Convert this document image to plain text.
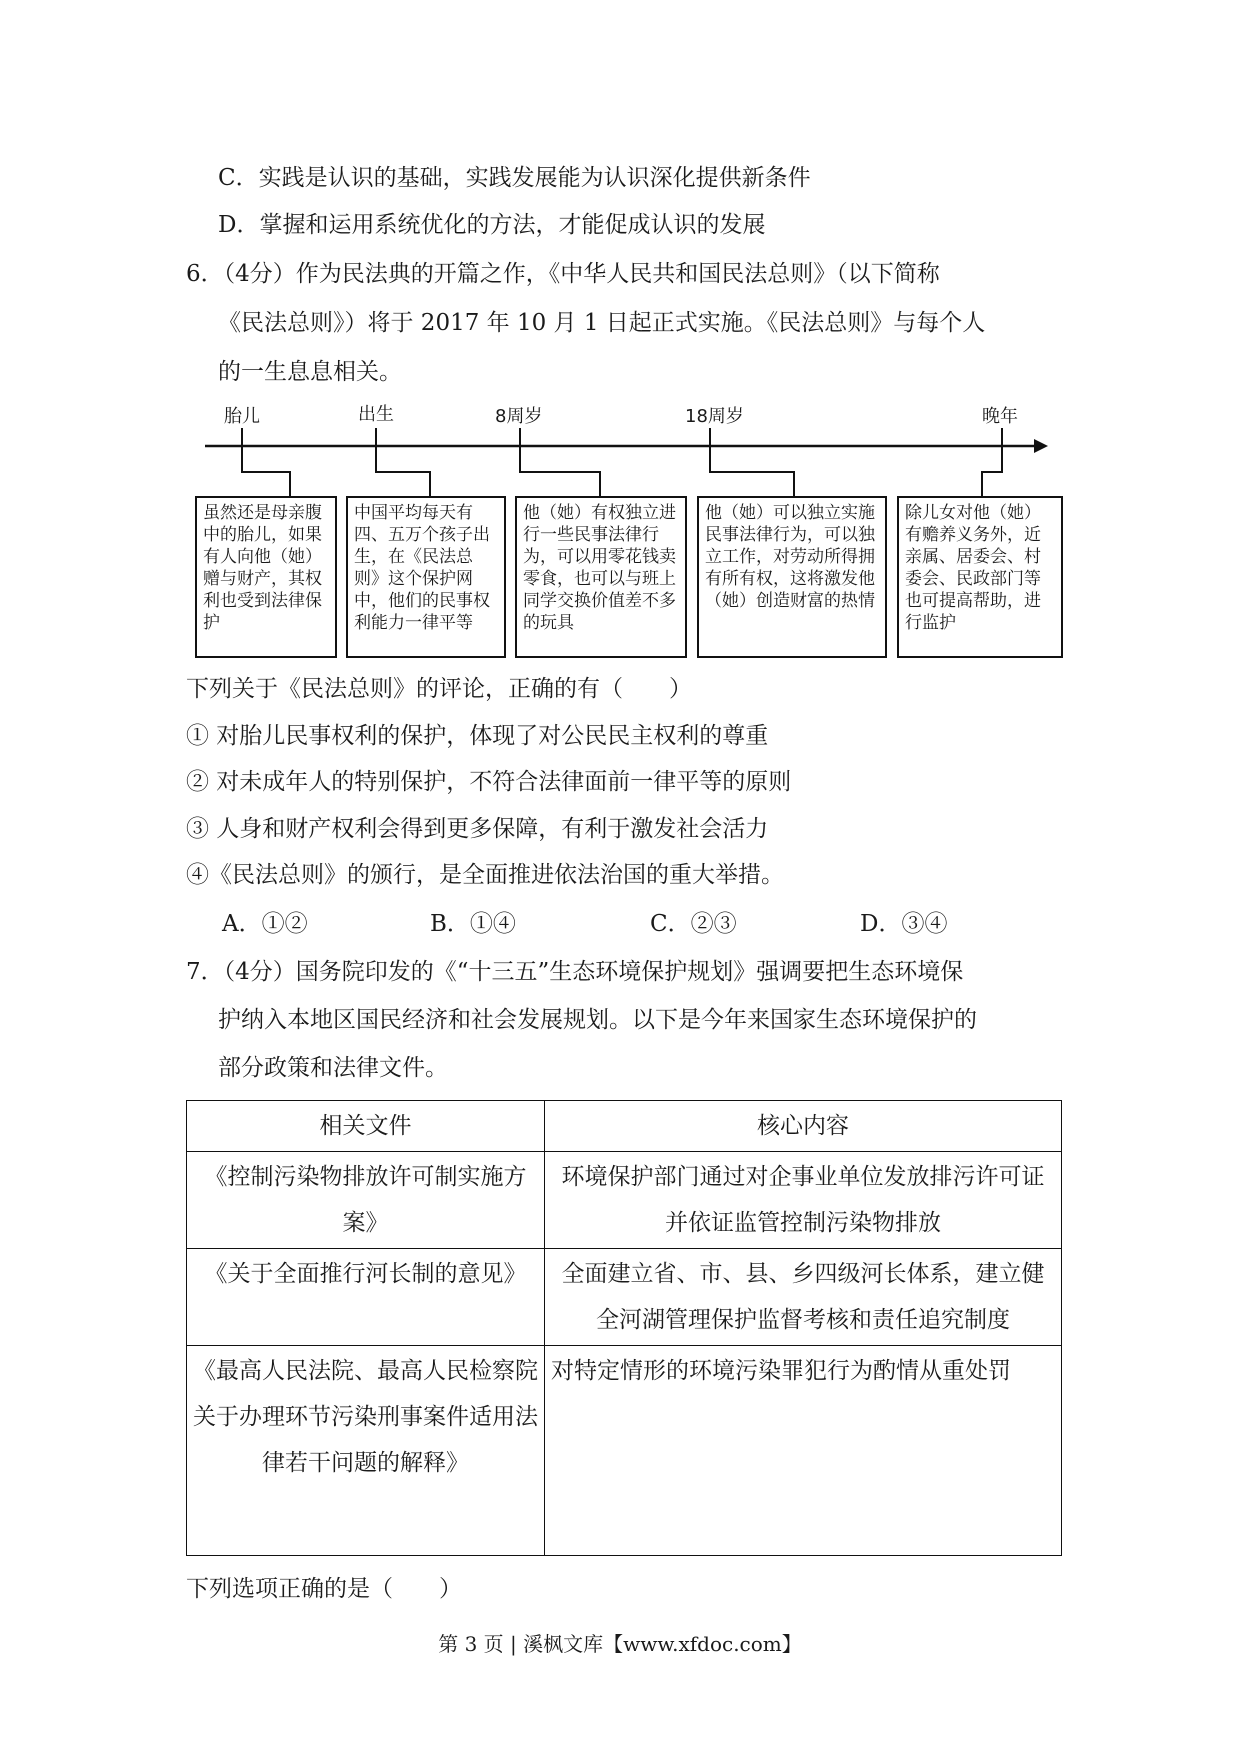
C．实践是认识的基础，实践发展能为认识深化提供新条件
D．掌握和运用系统优化的方法，才能促成认识的发展
6．（4分）作为民法典的开篇之作，《中华人民共和国民法总则》（以下简称
《民法总则》）将于 2017 年 10 月 1 日起正式实施。《民法总则》与每个人
的一生息息相关。
胎儿	出生	8周岁	18周岁	晚年
虽然还是母亲腹中的胎儿，如果有人向他（她）赠与财产，其权利也受到法律保护
中国平均每天有四、五万个孩子出生，在《民法总则》这个保护网中，他们的民事权利能力一律平等
他（她）有权独立进行一些民事法律行为，可以用零花钱卖零食，也可以与班上同学交换价值差不多的玩具
他（她）可以独立实施民事法律行为，可以独立工作，对劳动所得拥有所有权，这将激发他（她）创造财富的热情
除儿女对他（她）有赡养义务外，近亲属、居委会、村委会、民政部门等也可提高帮助，进行监护
下列关于《民法总则》的评论，正确的有（　　）
① 对胎儿民事权利的保护，体现了对公民民主权利的尊重
② 对未成年人的特别保护，不符合法律面前一律平等的原则
③ 人身和财产权利会得到更多保障，有利于激发社会活力
④《民法总则》的颁行，是全面推进依法治国的重大举措。
A．①②	B．①④	C．②③	D．③④
7．（4分）国务院印发的《“十三五”生态环境保护规划》强调要把生态环境保
护纳入本地区国民经济和社会发展规划。以下是今年来国家生态环境保护的
部分政策和法律文件。
相关文件	核心内容
《控制污染物排放许可制实施方案》	环境保护部门通过对企事业单位发放排污许可证并依证监管控制污染物排放
《关于全面推行河长制的意见》	全面建立省、市、县、乡四级河长体系，建立健全河湖管理保护监督考核和责任追究制度
《最高人民法院、最高人民检察院关于办理环节污染刑事案件适用法律若干问题的解释》	对特定情形的环境污染罪犯行为酌情从重处罚
下列选项正确的是（　　）
第 3 页 | 溪枫文库【www.xfdoc.com】
